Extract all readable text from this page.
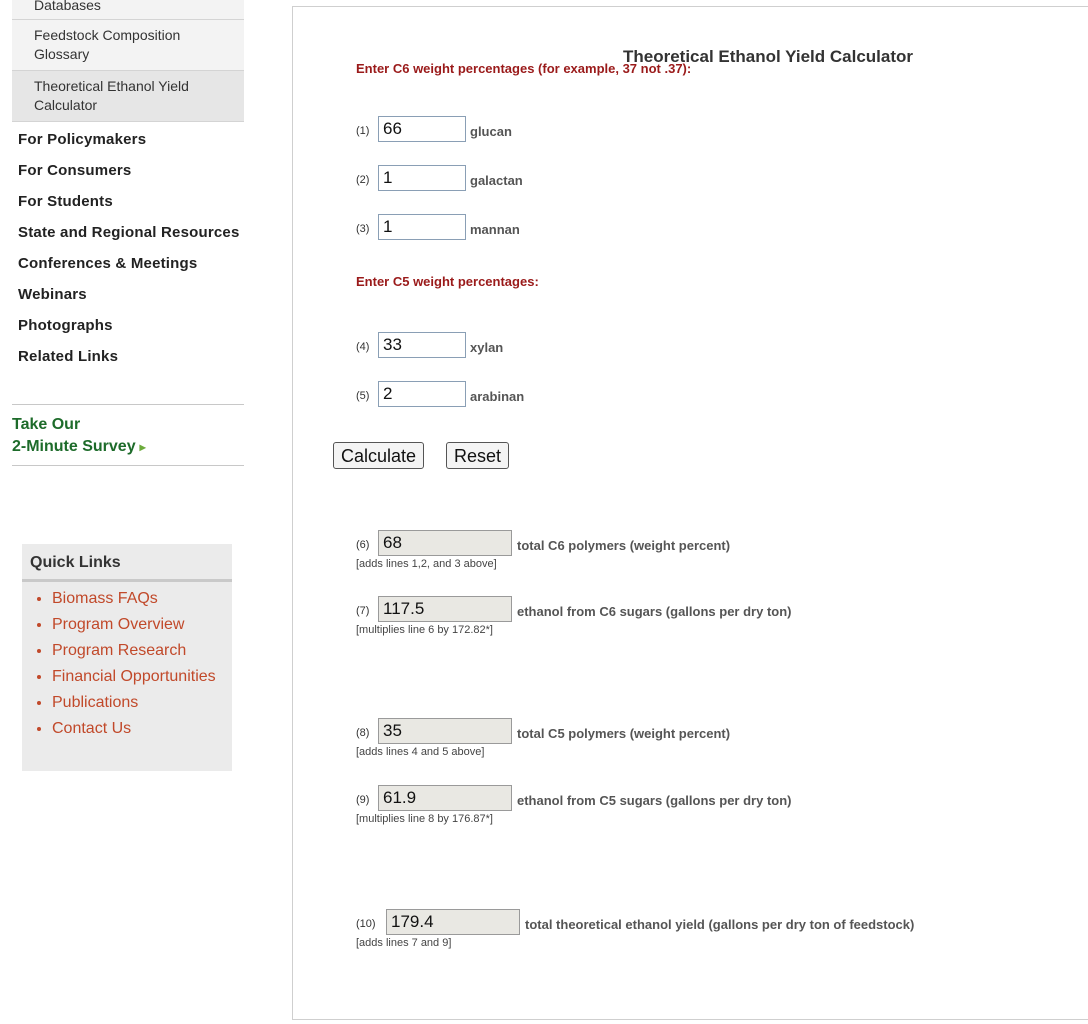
Databases
Feedstock Composition Glossary
Theoretical Ethanol Yield Calculator
For Policymakers
For Consumers
For Students
State and Regional Resources
Conferences & Meetings
Webinars
Photographs
Related Links
Take Our
2-Minute Survey ▸
Quick Links
• Biomass FAQs
• Program Overview
• Program Research
• Financial Opportunities
• Publications
• Contact Us
Theoretical Ethanol Yield Calculator
Enter C6 weight percentages (for example, 37 not .37):
(1)
66	glucan
(2)
1	galactan
(3)
1	mannan
Enter C5 weight percentages:
(4)
33	xylan
(5)
2	arabinan
Calculate	Reset
(6)
68	total C6 polymers (weight percent)
[adds lines 1,2, and 3 above]
(7)
117.5	ethanol from C6 sugars (gallons per dry ton)
[multiplies line 6 by 172.82*]
(8)
35	total C5 polymers (weight percent)
[adds lines 4 and 5 above]
(9)
61.9	ethanol from C5 sugars (gallons per dry ton)
[multiplies line 8 by 176.87*]
(10)
179.4	total theoretical ethanol yield (gallons per dry ton of feedstock)
[adds lines 7 and 9]
